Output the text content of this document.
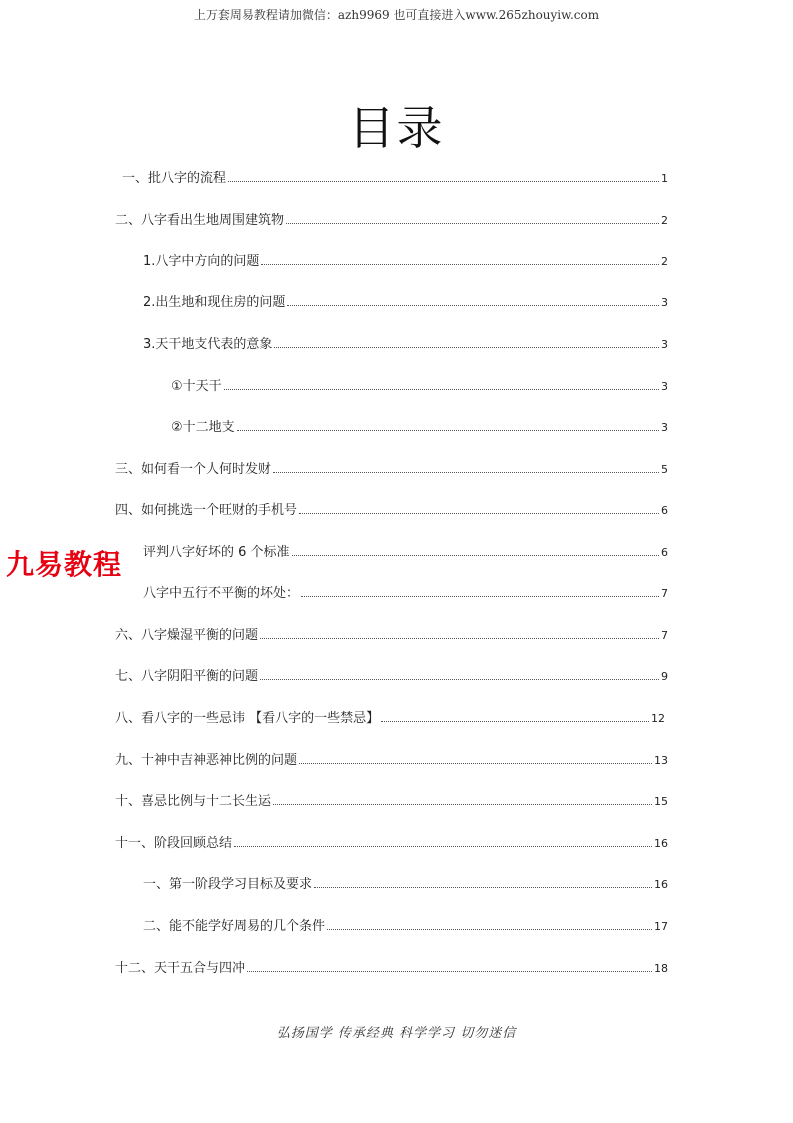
上万套周易教程请加微信：azh9969 也可直接进入www.265zhouyiw.com
目录
一、批八字的流程	1
二、八字看出生地周围建筑物	2
1.八字中方向的问题	2
2.出生地和现住房的问题	3
3.天干地支代表的意象	3
①十天干	3
②十二地支	3
三、如何看一个人何时发财	5
四、如何挑选一个旺财的手机号	6
评判八字好坏的 6 个标准	6
八字中五行不平衡的坏处：	7
六、八字燥湿平衡的问题	7
七、八字阴阳平衡的问题	9
八、看八字的一些忌讳 【看八字的一些禁忌】	12
九、十神中吉神恶神比例的问题	13
十、喜忌比例与十二长生运	15
十一、阶段回顾总结	16
一、第一阶段学习目标及要求	16
二、能不能学好周易的几个条件	17
十二、天干五合与四冲	18
九易教程
弘扬国学 传承经典 科学学习 切勿迷信
